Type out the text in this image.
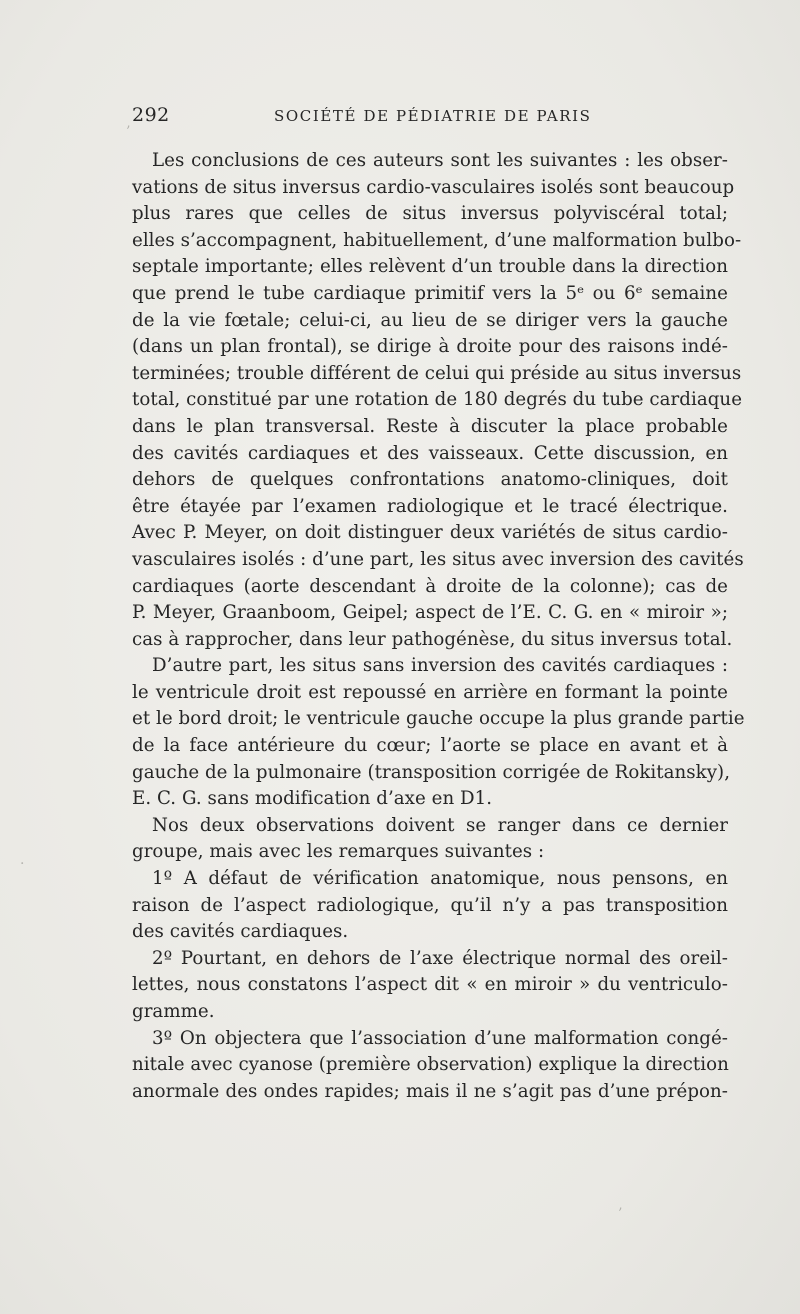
292	SOCIÉTÉ DE PÉDIATRIE DE PARIS
Les conclusions de ces auteurs sont les suivantes : les obser-
vations de situs inversus cardio-vasculaires isolés sont beaucoup
plus rares que celles de situs inversus polyviscéral total;
elles s’accompagnent, habituellement, d’une malformation bulbo-
septale importante; elles relèvent d’un trouble dans la direction
que prend le tube cardiaque primitif vers la 5ᵉ ou 6ᵉ semaine
de la vie fœtale; celui-ci, au lieu de se diriger vers la gauche
(dans un plan frontal), se dirige à droite pour des raisons indé-
terminées; trouble différent de celui qui préside au situs inversus
total, constitué par une rotation de 180 degrés du tube cardiaque
dans le plan transversal. Reste à discuter la place probable
des cavités cardiaques et des vaisseaux. Cette discussion, en
dehors de quelques confrontations anatomo-cliniques, doit
être étayée par l’examen radiologique et le tracé électrique.
Avec P. Meyer, on doit distinguer deux variétés de situs cardio-
vasculaires isolés : d’une part, les situs avec inversion des cavités
cardiaques (aorte descendant à droite de la colonne); cas de
P. Meyer, Graanboom, Geipel; aspect de l’E. C. G. en « miroir »;
cas à rapprocher, dans leur pathogénèse, du situs inversus total.
D’autre part, les situs sans inversion des cavités cardiaques :
le ventricule droit est repoussé en arrière en formant la pointe
et le bord droit; le ventricule gauche occupe la plus grande partie
de la face antérieure du cœur; l’aorte se place en avant et à
gauche de la pulmonaire (transposition corrigée de Rokitansky),
E. C. G. sans modification d’axe en D1.
Nos deux observations doivent se ranger dans ce dernier
groupe, mais avec les remarques suivantes :
1º A défaut de vérification anatomique, nous pensons, en
raison de l’aspect radiologique, qu’il n’y a pas transposition
des cavités cardiaques.
2º Pourtant, en dehors de l’axe électrique normal des oreil-
lettes, nous constatons l’aspect dit « en miroir » du ventriculo-
gramme.
3º On objectera que l’association d’une malformation congé-
nitale avec cyanose (première observation) explique la direction
anormale des ondes rapides; mais il ne s’agit pas d’une prépon-
’
·
’
